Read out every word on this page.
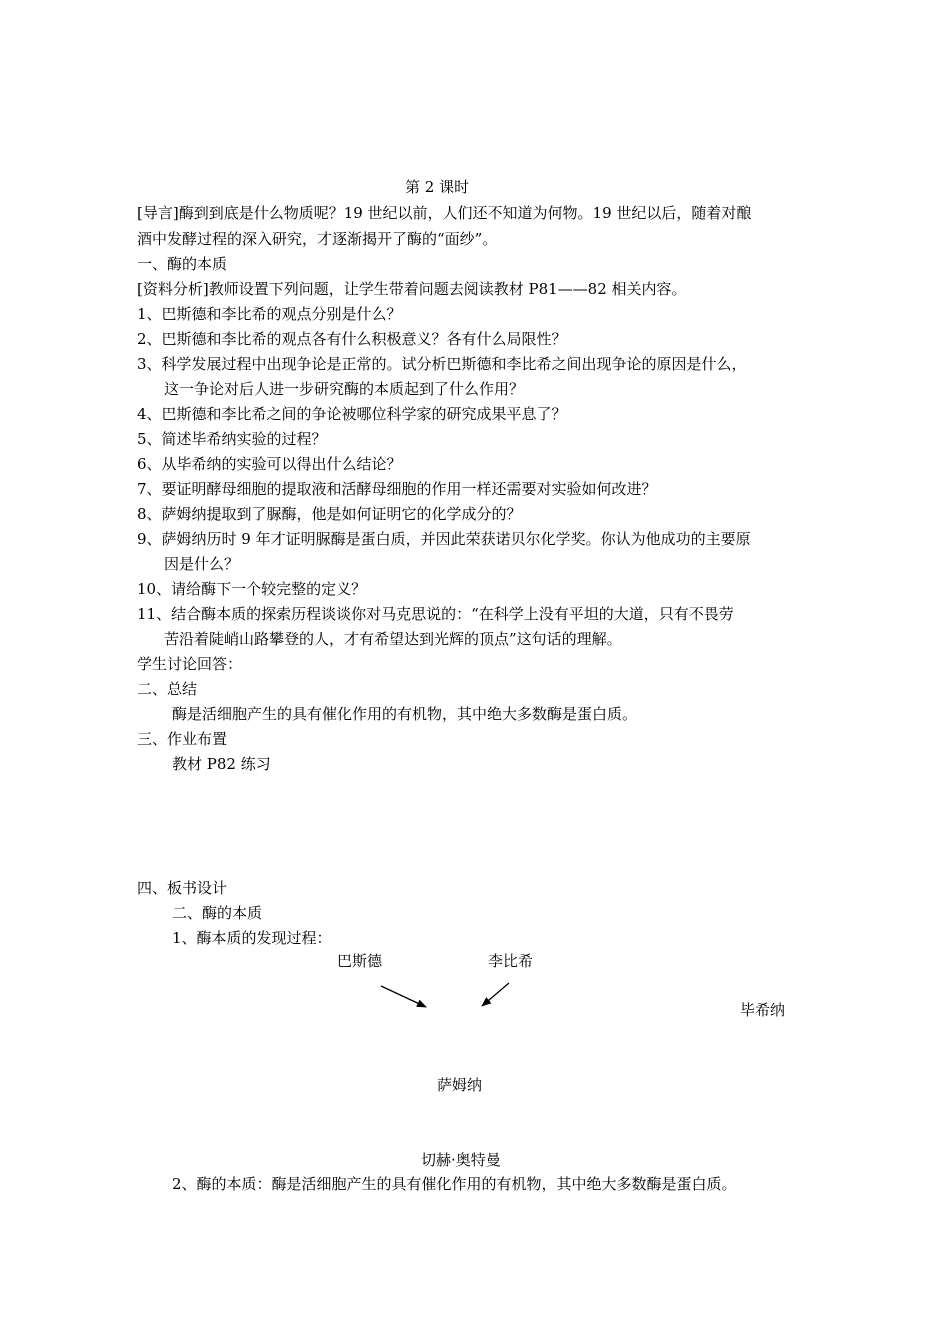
第 2 课时
[导言]酶到到底是什么物质呢？19 世纪以前，人们还不知道为何物。19 世纪以后，随着对酿
酒中发酵过程的深入研究，才逐渐揭开了酶的“面纱”。
一、酶的本质
[资料分析]教师设置下列问题，让学生带着问题去阅读教材 P81——82 相关内容。
1、巴斯德和李比希的观点分别是什么？
2、巴斯德和李比希的观点各有什么积极意义？各有什么局限性？
3、科学发展过程中出现争论是正常的。试分析巴斯德和李比希之间出现争论的原因是什么，
这一争论对后人进一步研究酶的本质起到了什么作用？
4、巴斯德和李比希之间的争论被哪位科学家的研究成果平息了？
5、简述毕希纳实验的过程？
6、从毕希纳的实验可以得出什么结论？
7、要证明酵母细胞的提取液和活酵母细胞的作用一样还需要对实验如何改进？
8、萨姆纳提取到了脲酶，他是如何证明它的化学成分的？
9、萨姆纳历时 9 年才证明脲酶是蛋白质，并因此荣获诺贝尔化学奖。你认为他成功的主要原
因是什么？
10、请给酶下一个较完整的定义？
11、结合酶本质的探索历程谈谈你对马克思说的：“在科学上没有平坦的大道，只有不畏劳
苦沿着陡峭山路攀登的人，才有希望达到光辉的顶点”这句话的理解。
学生讨论回答：
二、总结
酶是活细胞产生的具有催化作用的有机物，其中绝大多数酶是蛋白质。
三、作业布置
教材 P82 练习
四、板书设计
二、酶的本质
1、酶本质的发现过程：
巴斯德	李比希
毕希纳
萨姆纳
切赫·奥特曼
2、酶的本质：酶是活细胞产生的具有催化作用的有机物，其中绝大多数酶是蛋白质。
